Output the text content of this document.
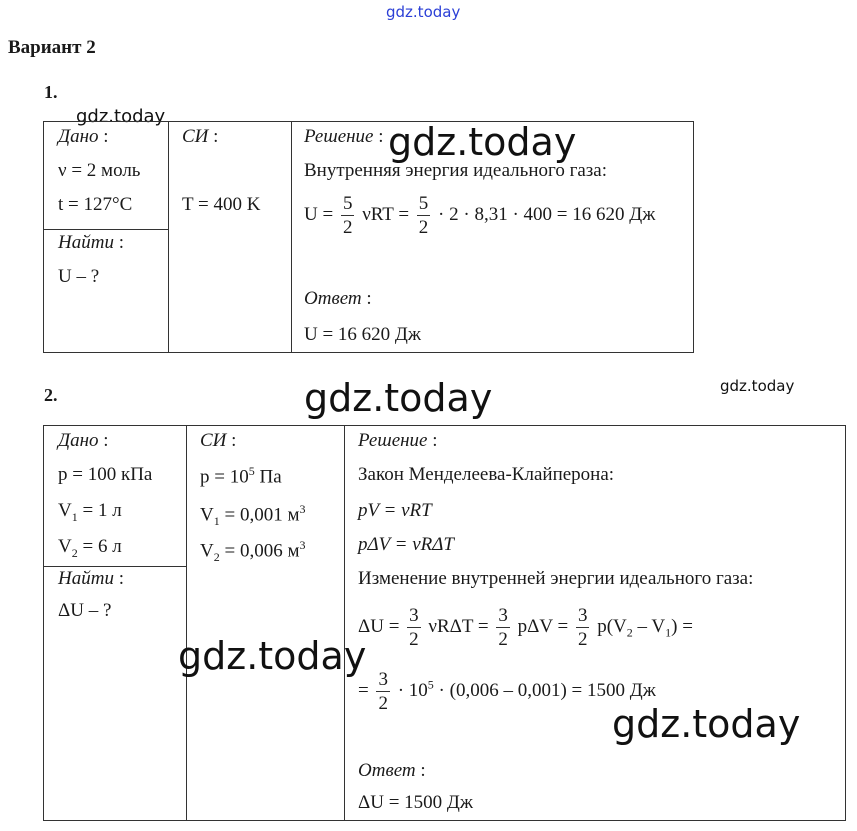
gdz.today
gdz.today
gdz.today
gdz.today	gdz.today
Вариант 2
1.
Дано :
ν = 2 моль
t = 127°C
Найти :
U – ?
СИ :
T = 400 K
Решение :
Внутренняя энергия идеального газа:
$U = \frac{5}{2}$ $\nu RT = \frac{5}{2} \cdot 2 \cdot 8,31 \cdot 400 = 16$ 620 Дж
Ответ :
U = 16 620 Дж
2.
Дано :
p = 100 кПа
$V_1 = 1$ л
$V_2 = 6$ л
Найти :
ΔU – ?
СИ :
$p = 10^5$ Па
$V_1 = 0,001$ $м^3$
$V_2 = 0,006$ $м^3$
Решение :
Закон Менделеева-Клайперона:
pV = νRT
pΔV = νRΔT
Изменение внутренней энергии идеального газа:
$\Delta U = \frac{3}{2}$ $\nu R\Delta T = \frac{3}{2}$ $p\Delta V = \frac{3}{2} p(V_2 - V_1)$ =
= $\frac{3}{2} \cdot 10^5 \cdot (0,006 - 0,001) = 1500$ Дж
Ответ :
ΔU = 1500 Дж
gdz.today
gdz.today
